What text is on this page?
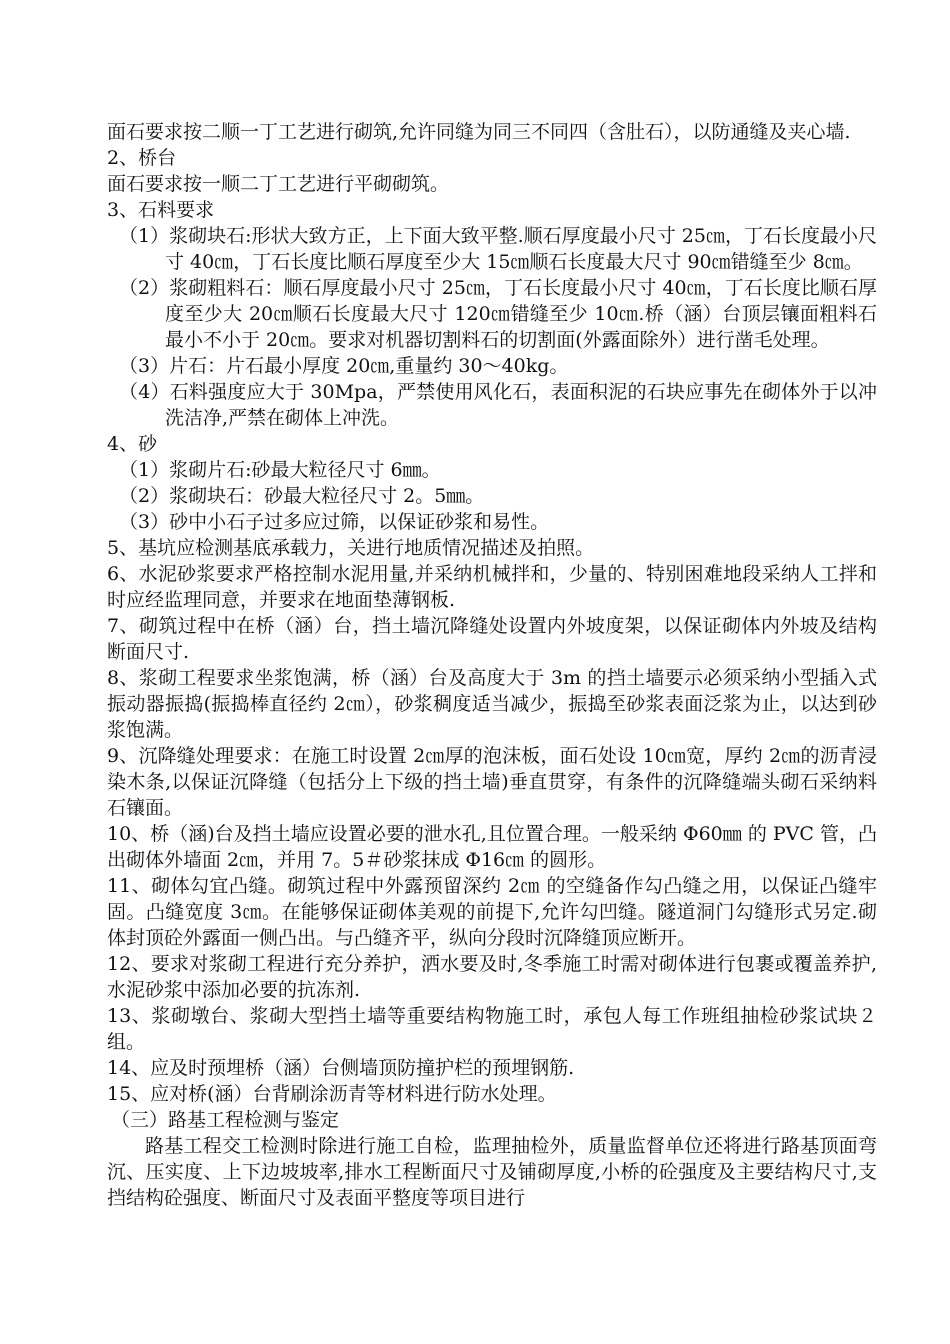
面石要求按二顺一丁工艺进行砌筑,允许同缝为同三不同四（含肚石），以防通缝及夹心墙.

2、桥台

面石要求按一顺二丁工艺进行平砌砌筑。

3、石料要求

（1）浆砌块石:形状大致方正，上下面大致平整.顺石厚度最小尺寸 25㎝，丁石长度最小尺寸 40㎝，丁石长度比顺石厚度至少大 15㎝顺石长度最大尺寸 90㎝错缝至少 8㎝。

（2）浆砌粗料石：顺石厚度最小尺寸 25㎝，丁石长度最小尺寸 40㎝，丁石长度比顺石厚度至少大 20㎝顺石长度最大尺寸 120㎝错缝至少 10㎝.桥（涵）台顶层镶面粗料石最小不小于 20㎝。要求对机器切割料石的切割面(外露面除外）进行凿毛处理。

（3）片石：片石最小厚度 20㎝,重量约 30～40kg。

（4）石料强度应大于 30Mpa，严禁使用风化石，表面积泥的石块应事先在砌体外于以冲洗洁净,严禁在砌体上冲洗。

4、砂

（1）浆砌片石:砂最大粒径尺寸 6㎜。

（2）浆砌块石：砂最大粒径尺寸 2。5㎜。

（3）砂中小石子过多应过筛，以保证砂浆和易性。

5、基坑应检测基底承载力，关进行地质情况描述及拍照。

6、水泥砂浆要求严格控制水泥用量,并采纳机械拌和，少量的、特别困难地段采纳人工拌和时应经监理同意，并要求在地面垫薄钢板.

7、砌筑过程中在桥（涵）台，挡土墙沉降缝处设置内外坡度架，以保证砌体内外坡及结构断面尺寸.

8、浆砌工程要求坐浆饱满，桥（涵）台及高度大于 3m 的挡土墙要示必须采纳小型插入式振动器振捣(振捣棒直径约 2㎝），砂浆稠度适当减少，振捣至砂浆表面泛浆为止，以达到砂浆饱满。

9、沉降缝处理要求：在施工时设置 2㎝厚的泡沫板，面石处设 10㎝宽，厚约 2㎝的沥青浸染木条,以保证沉降缝（包括分上下级的挡土墙)垂直贯穿，有条件的沉降缝端头砌石采纳料石镶面。

10、桥（涵)台及挡土墙应设置必要的泄水孔,且位置合理。一般采纳 Φ60㎜ 的 PVC 管，凸出砌体外墙面 2㎝，并用 7。5＃砂浆抹成 Φ16㎝ 的圆形。

11、砌体勾宜凸缝。砌筑过程中外露预留深约 2㎝ 的空缝备作勾凸缝之用，以保证凸缝牢固。凸缝宽度 3㎝。在能够保证砌体美观的前提下,允许勾凹缝。隧道洞门勾缝形式另定.砌体封顶砼外露面一侧凸出。与凸缝齐平，纵向分段时沉降缝顶应断开。

12、要求对浆砌工程进行充分养护，洒水要及时,冬季施工时需对砌体进行包裹或覆盖养护,水泥砂浆中添加必要的抗冻剂.

13、浆砌墩台、浆砌大型挡土墙等重要结构物施工时，承包人每工作班组抽检砂浆试块２组。

14、应及时预埋桥（涵）台侧墙顶防撞护栏的预埋钢筋.

15、应对桥(涵）台背刷涂沥青等材料进行防水处理。

（三）路基工程检测与鉴定

路基工程交工检测时除进行施工自检，监理抽检外，质量监督单位还将进行路基顶面弯沉、压实度、上下边坡坡率,排水工程断面尺寸及铺砌厚度,小桥的砼强度及主要结构尺寸,支挡结构砼强度、断面尺寸及表面平整度等项目进行
